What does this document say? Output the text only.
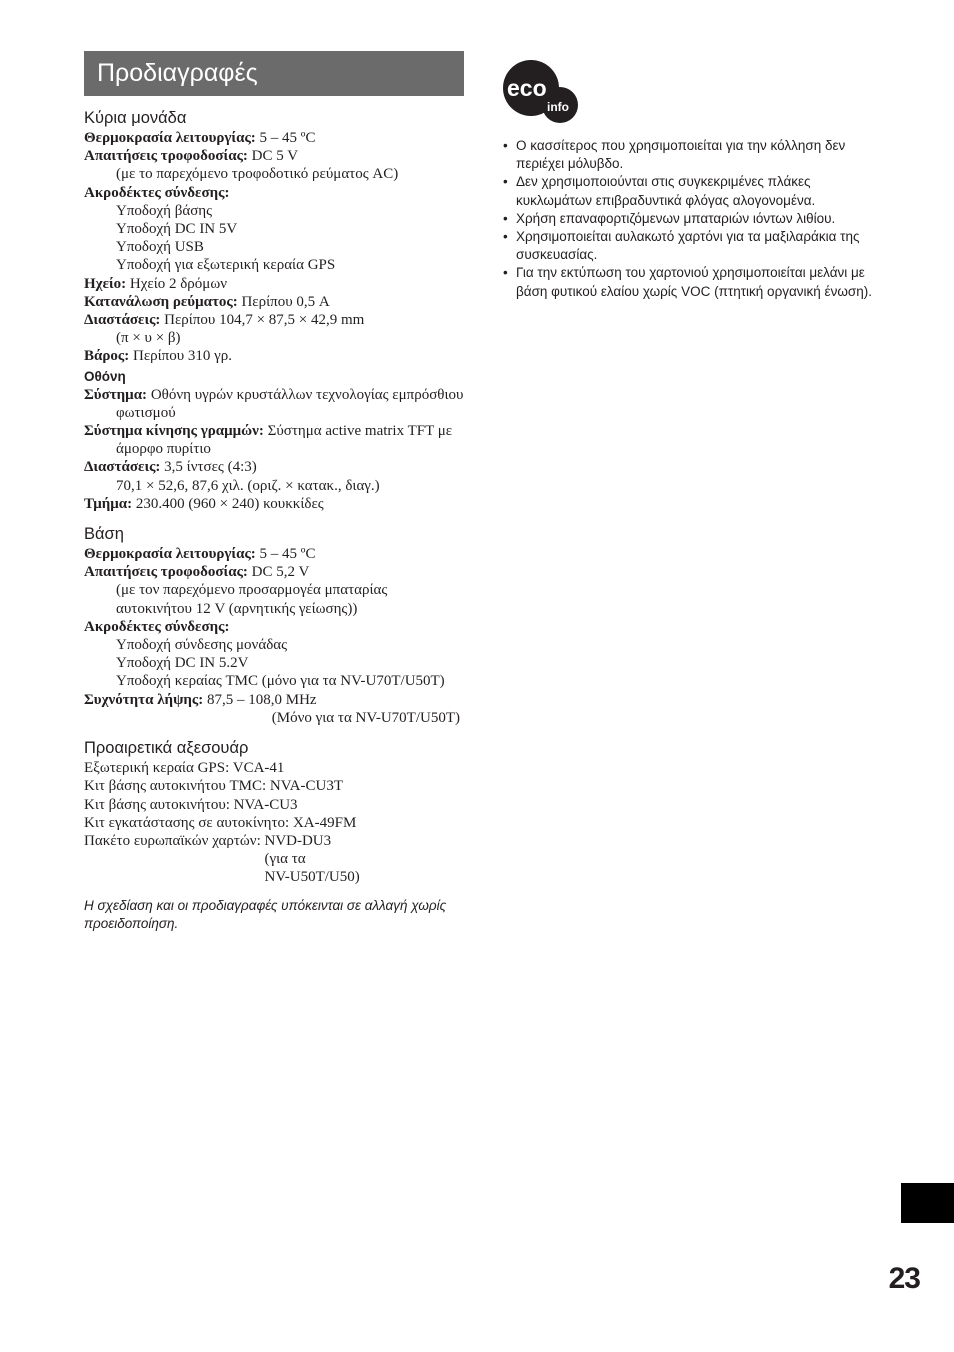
Προδιαγραφές
Κύρια μονάδα

Θερμοκρασία λειτουργίας: 5 – 45 ºC

Απαιτήσεις τροφοδοσίας: DC 5 V

(με το παρεχόμενο τροφοδοτικό ρεύματος AC)

Ακροδέκτες σύνδεσης:

Υποδοχή βάσης

Υποδοχή DC IN 5V

Υποδοχή USB

Υποδοχή για εξωτερική κεραία GPS

Ηχείο: Ηχείο 2 δρόμων

Κατανάλωση ρεύματος: Περίπου 0,5 A

Διαστάσεις: Περίπου 104,7 × 87,5 × 42,9 mm

(π × υ × β)

Βάρος: Περίπου 310 γρ.

Οθόνη

Σύστημα: Οθόνη υγρών κρυστάλλων τεχνολογίας εμπρόσθιου φωτισμού

Σύστημα κίνησης γραμμών: Σύστημα active matrix TFT με άμορφο πυρίτιο

Διαστάσεις: 3,5 ίντσες (4:3)

70,1 × 52,6, 87,6 χιλ. (οριζ. × κατακ., διαγ.)

Τμήμα: 230.400 (960 × 240) κουκκίδες

Βάση

Θερμοκρασία λειτουργίας: 5 – 45 ºC

Απαιτήσεις τροφοδοσίας: DC 5,2 V

(με τον παρεχόμενο προσαρμογέα μπαταρίας αυτοκινήτου 12 V (αρνητικής γείωσης))

Ακροδέκτες σύνδεσης:

Υποδοχή σύνδεσης μονάδας

Υποδοχή DC IN 5.2V

Υποδοχή κεραίας TMC (μόνο για τα NV-U70T/U50T)

Συχνότητα λήψης: 87,5 – 108,0 MHz

(Μόνο για τα NV-U70T/U50T)

Προαιρετικά αξεσουάρ

Εξωτερική κεραία GPS: VCA-41

Κιτ βάσης αυτοκινήτου TMC: NVA-CU3T

Κιτ βάσης αυτοκινήτου: NVA-CU3

Κιτ εγκατάστασης σε αυτοκίνητο: XA-49FM

Πακέτο ευρωπαϊκών χαρτών: NVD-DU3
(για τα
NV-U50T/U50)

Η σχεδίαση και οι προδιαγραφές υπόκεινται σε αλλαγή χωρίς προειδοποίηση.

eco
info
• Ο κασσίτερος που χρησιμοποιείται για την κόλληση δεν περιέχει μόλυβδο.
• Δεν χρησιμοποιούνται στις συγκεκριμένες πλάκες κυκλωμάτων επιβραδυντικά φλόγας αλογονομένα.
• Χρήση επαναφορτιζόμενων μπαταριών ιόντων λιθίου.
• Χρησιμοποιείται αυλακωτό χαρτόνι για τα μαξιλαράκια της συσκευασίας.
• Για την εκτύπωση του χαρτονιού χρησιμοποιείται μελάνι με βάση φυτικού ελαίου χωρίς VOC (πτητική οργανική ένωση).
23
